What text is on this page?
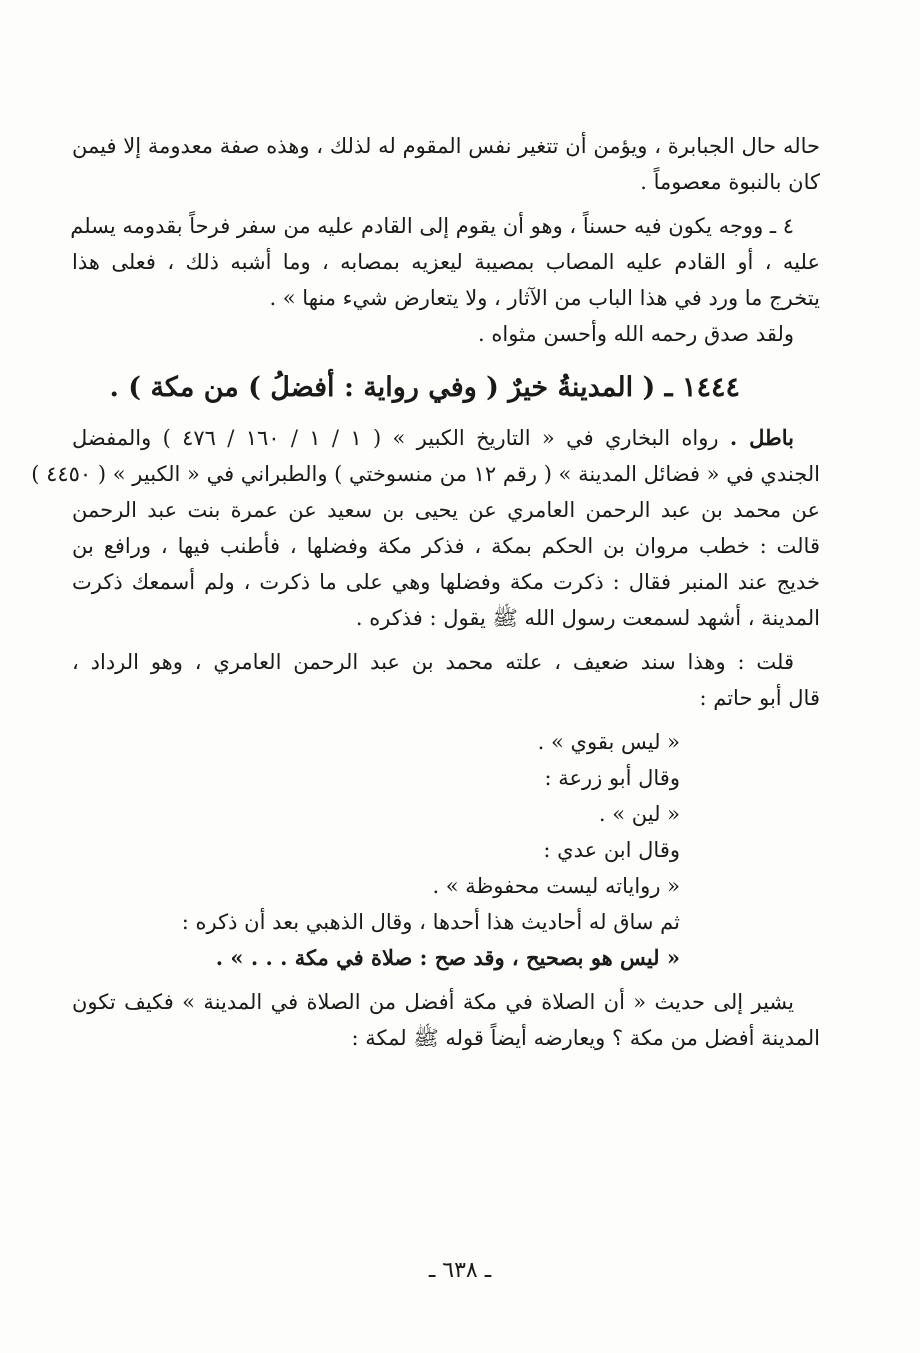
حاله حال الجبابرة ، ويؤمن أن تتغير نفس المقوم له لذلك ، وهذه صفة معدومة إلا فيمن
كان بالنبوة معصوماً .
٤ ـ ووجه يكون فيه حسناً ، وهو أن يقوم إلى القادم عليه من سفر فرحاً بقدومه يسلم
عليه ، أو القادم عليه المصاب بمصيبة ليعزيه بمصابه ، وما أشبه ذلك ، فعلى هذا
يتخرج ما ورد في هذا الباب من الآثار ، ولا يتعارض شيء منها » .
ولقد صدق رحمه الله وأحسن مثواه .
١٤٤٤ ـ ( المدينةُ خيرٌ ( وفي رواية : أفضلُ ) من مكة ) .
باطل . رواه البخاري في « التاريخ الكبير » ( ١ / ١ / ١٦٠ / ٤٧٦ ) والمفضل
الجندي في « فضائل المدينة » ( رقم ١٢ من منسوختي ) والطبراني في « الكبير » ( ٤٤٥٠ )
عن محمد بن عبد الرحمن العامري عن يحيى بن سعيد عن عمرة بنت عبد الرحمن
قالت : خطب مروان بن الحكم بمكة ، فذكر مكة وفضلها ، فأطنب فيها ، ورافع بن
خديج عند المنبر فقال : ذكرت مكة وفضلها وهي على ما ذكرت ، ولم أسمعك ذكرت
المدينة ، أشهد لسمعت رسول الله ﷺ يقول : فذكره .
قلت : وهذا سند ضعيف ، علته محمد بن عبد الرحمن العامري ، وهو الرداد ،
قال أبو حاتم :
« ليس بقوي » .
وقال أبو زرعة :
« لين » .
وقال ابن عدي :
« رواياته ليست محفوظة » .
ثم ساق له أحاديث هذا أحدها ، وقال الذهبي بعد أن ذكره :
« ليس هو بصحيح ، وقد صح : صلاة في مكة . . . » .
يشير إلى حديث « أن الصلاة في مكة أفضل من الصلاة في المدينة » فكيف تكون
المدينة أفضل من مكة ؟ ويعارضه أيضاً قوله ﷺ لمكة :
ـ ٦٣٨ ـ
